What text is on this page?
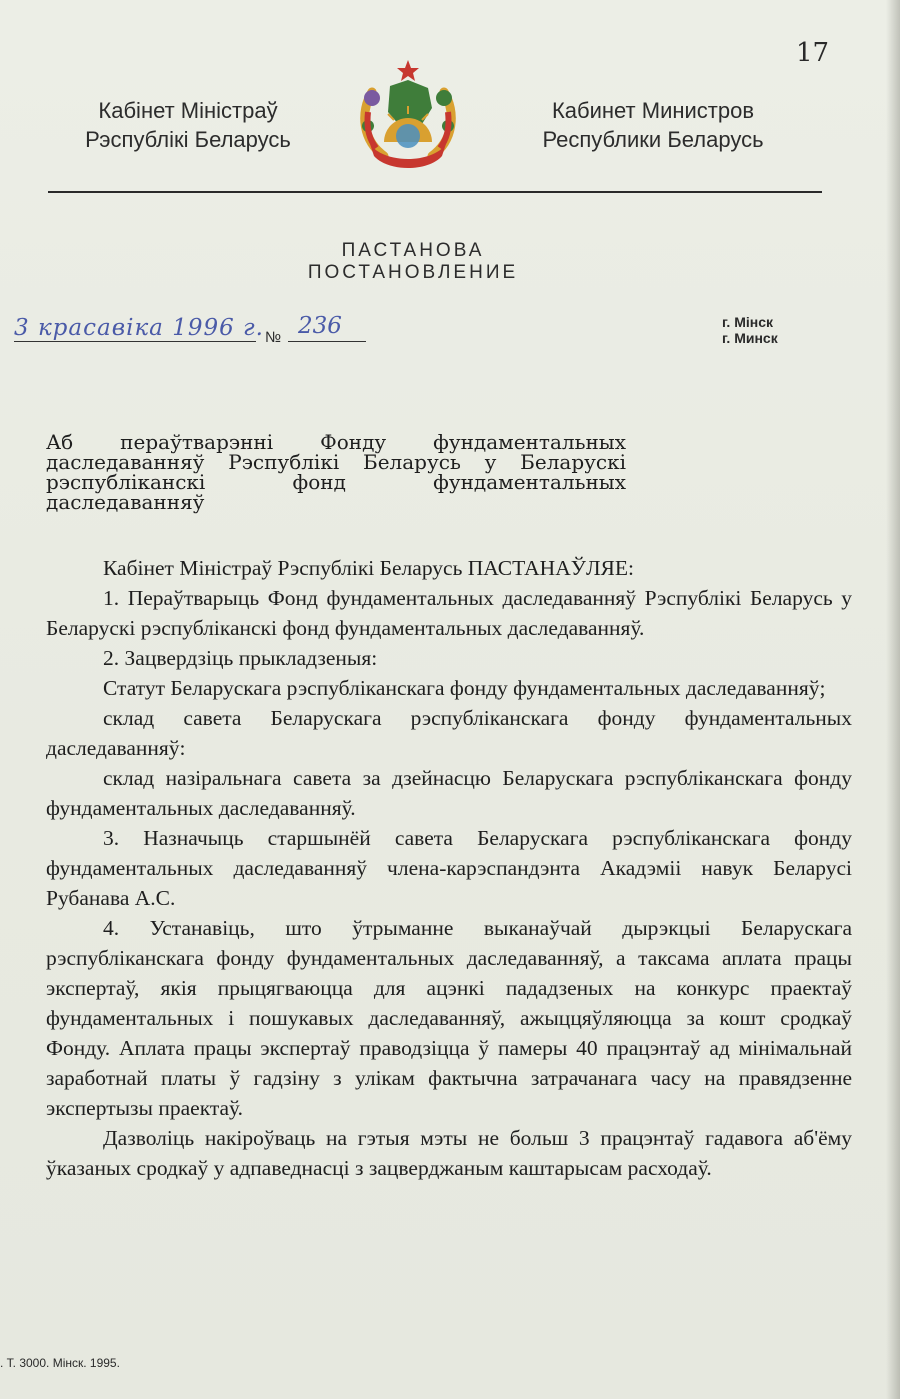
17
Кабінет Міністраў
Рэспублікі Беларусь
Кабинет Министров
Республики Беларусь
ПАСТАНОВА
ПОСТАНОВЛЕНИЕ
3 красавіка 1996 г. № 236	г. Мінск
г. Минск
Аб пераўтварэнні Фонду фундаментальных
даследаванняў Рэспублікі Беларусь у Беларускі
рэспубліканскі фонд фундаментальных даследаванняў

Кабінет Міністраў Рэспублікі Беларусь ПАСТАНАЎЛЯЕ:

1. Пераўтварыць Фонд фундаментальных даследаванняў Рэспублікі Беларусь у Беларускі рэспубліканскі фонд фундаментальных даследаванняў.

2. Зацвердзіць прыкладзеныя:

Статут Беларускага рэспубліканскага фонду фундаментальных даследаванняў;

склад савета Беларускага рэспубліканскага фонду фундаментальных даследаванняў:

склад назіральнага савета за дзейнасцю Беларускага рэспубліканскага фонду фундаментальных даследаванняў.

3. Назначыць старшынёй савета Беларускага рэспубліканскага фонду фундаментальных даследаванняў члена-карэспандэнта Акадэміі навук Беларусі Рубанава А.С.

4. Устанавіць, што ўтрыманне выканаўчай дырэкцыі Беларускага рэспубліканскага фонду фундаментальных даследаванняў, а таксама аплата працы экспертаў, якія прыцягваюцца для ацэнкі пададзеных на конкурс праектаў фундаментальных і пошукавых даследаванняў, ажыццяўляюцца за кошт сродкаў Фонду. Аплата працы экспертаў праводзіцца ў памеры 40 працэнтаў ад мінімальнай заработнай платы ў гадзіну з улікам фактычна затрачанага часу на правядзенне экспертызы праектаў.

Дазволіць накіроўваць на гэтыя мэты не больш 3 працэнтаў гадавога аб'ёму ўказаных сродкаў у адпаведнасці з зацверджаным каштарысам расходаў.

. Т. 3000. Мінск. 1995.
